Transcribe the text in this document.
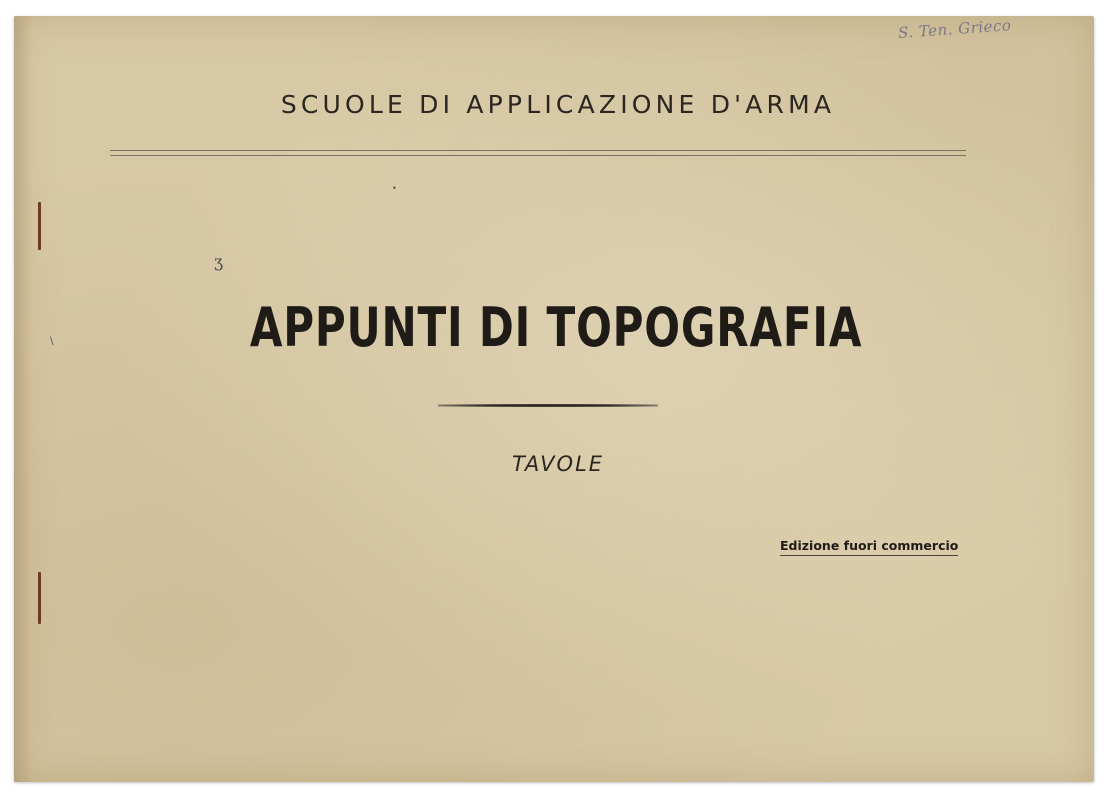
S. Ten. Grieco
SCUOLE DI APPLICAZIONE D'ARMA
APPUNTI DI TOPOGRAFIA
TAVOLE
Edizione fuori commercio
ʒ
•
\
